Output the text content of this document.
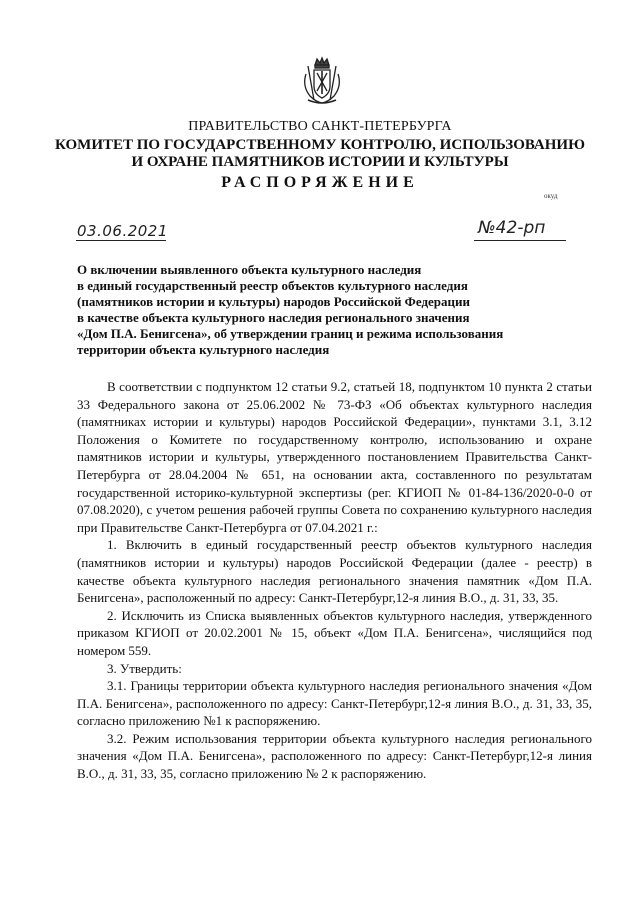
ПРАВИТЕЛЬСТВО САНКТ-ПЕТЕРБУРГА
КОМИТЕТ ПО ГОСУДАРСТВЕННОМУ КОНТРОЛЮ, ИСПОЛЬЗОВАНИЮ
И ОХРАНЕ ПАМЯТНИКОВ ИСТОРИИ И КУЛЬТУРЫ
РАСПОРЯЖЕНИЕ
окуд
03.06.2021	№42-рп
О включении выявленного объекта культурного наследия
в единый государственный реестр объектов культурного наследия
(памятников истории и культуры) народов Российской Федерации
в качестве объекта культурного наследия регионального значения
«Дом П.А. Бенигсена», об утверждении границ и режима использования
территории объекта культурного наследия

В соответствии с подпунктом 12 статьи 9.2, статьей 18, подпунктом 10 пункта 2 статьи 33 Федерального закона от 25.06.2002 № 73-ФЗ «Об объектах культурного наследия (памятниках истории и культуры) народов Российской Федерации», пунктами 3.1, 3.12 Положения о Комитете по государственному контролю, использованию и охране памятников истории и культуры, утвержденного постановлением Правительства Санкт-Петербурга от 28.04.2004 № 651, на основании акта, составленного по результатам государственной историко-культурной экспертизы (рег. КГИОП № 01-84-136/2020-0-0 от 07.08.2020), с учетом решения рабочей группы Совета по сохранению культурного наследия при Правительстве Санкт-Петербурга от 07.04.2021 г.:

1. Включить в единый государственный реестр объектов культурного наследия (памятников истории и культуры) народов Российской Федерации (далее - реестр) в качестве объекта культурного наследия регионального значения памятник «Дом П.А. Бенигсена», расположенный по адресу: Санкт-Петербург,12-я линия В.О., д. 31, 33, 35.

2. Исключить из Списка выявленных объектов культурного наследия, утвержденного приказом КГИОП от 20.02.2001 № 15, объект «Дом П.А. Бенигсена», числящийся под номером 559.

3. Утвердить:

3.1. Границы территории объекта культурного наследия регионального значения «Дом П.А. Бенигсена», расположенного по адресу: Санкт-Петербург,12-я линия В.О., д. 31, 33, 35, согласно приложению №1 к распоряжению.

3.2. Режим использования территории объекта культурного наследия регионального значения «Дом П.А. Бенигсена», расположенного по адресу: Санкт-Петербург,12-я линия В.О., д. 31, 33, 35, согласно приложению № 2 к распоряжению.
